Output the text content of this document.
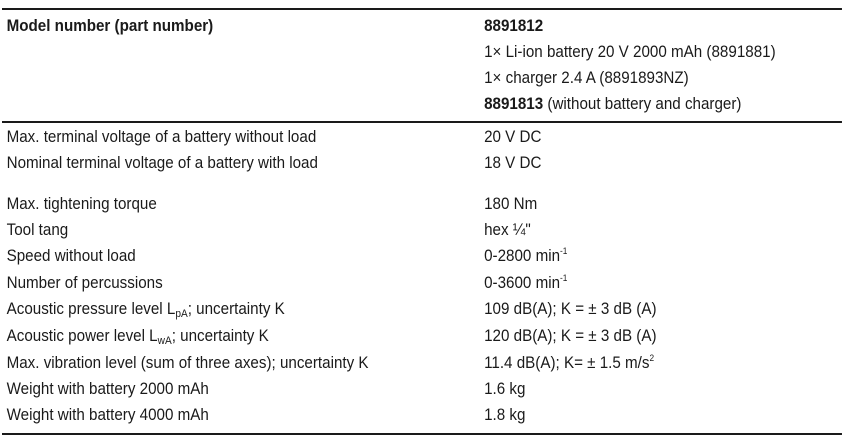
Model number (part number)	8891812
1× Li-ion battery 20 V 2000 mAh (8891881)
1× charger 2.4 A (8891893NZ)
8891813 (without battery and charger)
Max. terminal voltage of a battery without load	20 V DC
Nominal terminal voltage of a battery with load	18 V DC
Max. tightening torque	180 Nm
Tool tang	hex ¼"
Speed without load	0-2800 $\min^{-1}$
Number of percussions	0-3600 $\min^{-1}$
Acoustic pressure level $L_{pA}$; uncertainty K	109 dB(A); K = ± 3 dB (A)
Acoustic power level $L_{wA}$; uncertainty K	120 dB(A); K = ± 3 dB (A)
Max. vibration level (sum of three axes); uncertainty K	11.4 dB(A); K= ± 1.5 $m/s^2$
Weight with battery 2000 mAh	1.6 kg
Weight with battery 4000 mAh	1.8 kg
